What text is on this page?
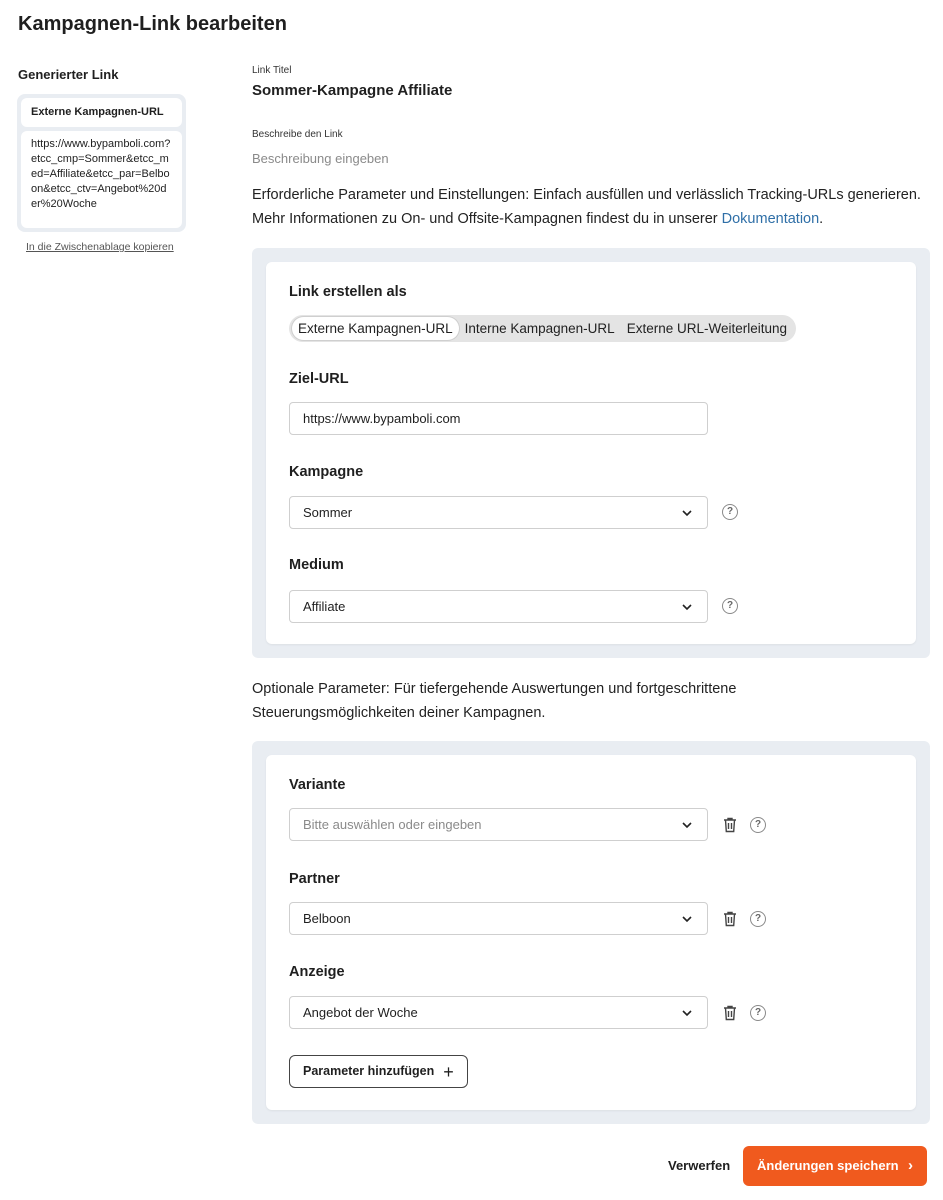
Kampagnen-Link bearbeiten
Generierter Link
Externe Kampagnen-URL
https://www.bypamboli.com?etcc_cmp=Sommer&etcc_med=Affiliate&etcc_par=Belboon&etcc_ctv=Angebot%20der%20Woche
In die Zwischenablage kopieren
Link Titel
Sommer-Kampagne Affiliate
Beschreibe den Link
Beschreibung eingeben

Erforderliche Parameter und Einstellungen: Einfach ausfüllen und verlässlich Tracking-URLs generieren. Mehr Informationen zu On- und Offsite-Kampagnen findest du in unserer Dokumentation.

Link erstellen als
Externe Kampagnen-URL Interne Kampagnen-URL Externe URL-Weiterleitung
Ziel-URL
https://www.bypamboli.com
Kampagne
Sommer	?
Medium
Affiliate	?

Optionale Parameter: Für tiefergehende Auswertungen und fortgeschrittene Steuerungsmöglichkeiten deiner Kampagnen.

Variante
Bitte auswählen oder eingeben	?
Partner
Belboon	?
Anzeige
Angebot der Woche	?
Parameter hinzufügen +
Verwerfen	Änderungen speichern ›
